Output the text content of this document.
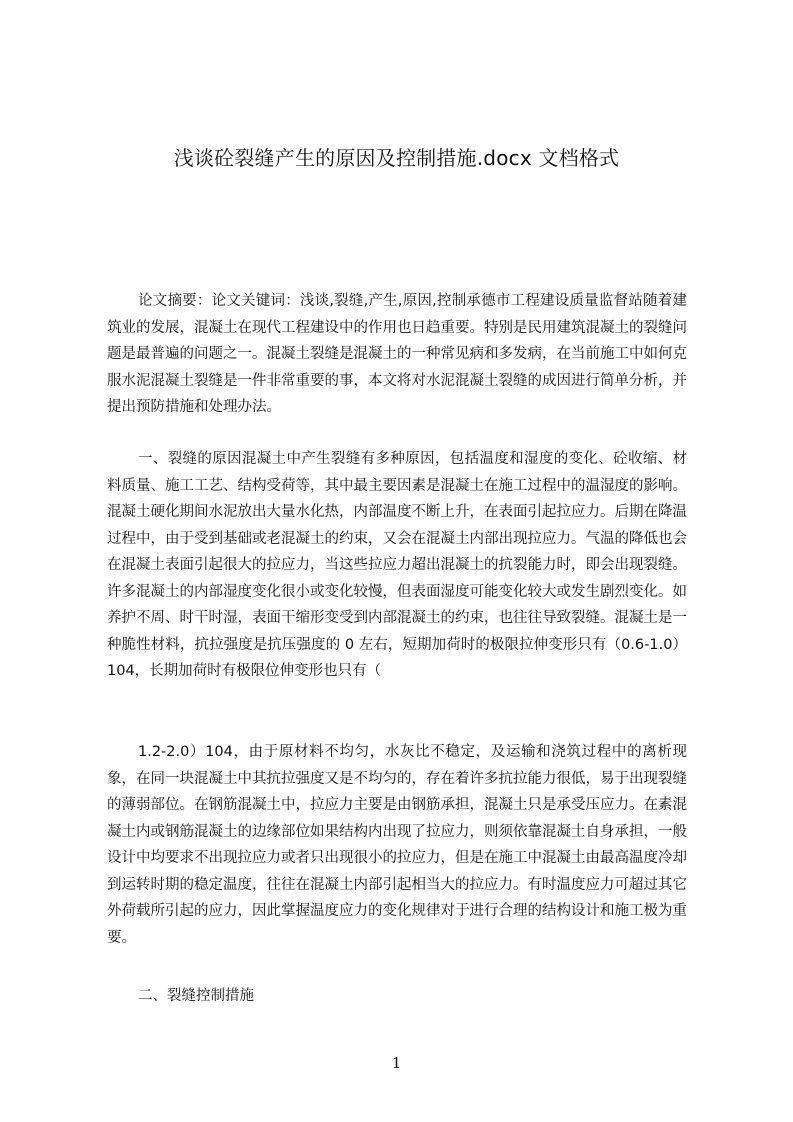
浅谈砼裂缝产生的原因及控制措施.docx 文档格式

论文摘要：论文关键词：浅谈,裂缝,产生,原因,控制承德市工程建设质量监督站随着建筑业的发展，混凝土在现代工程建设中的作用也日趋重要。特别是民用建筑混凝土的裂缝问题是最普遍的问题之一。混凝土裂缝是混凝土的一种常见病和多发病，在当前施工中如何克服水泥混凝土裂缝是一件非常重要的事，本文将对水泥混凝土裂缝的成因进行简单分析，并提出预防措施和处理办法。

一、裂缝的原因混凝土中产生裂缝有多种原因，包括温度和湿度的变化、砼收缩、材料质量、施工工艺、结构受荷等，其中最主要因素是混凝土在施工过程中的温湿度的影响。混凝土硬化期间水泥放出大量水化热，内部温度不断上升，在表面引起拉应力。后期在降温过程中，由于受到基础或老混凝土的约束，又会在混凝土内部出现拉应力。气温的降低也会在混凝土表面引起很大的拉应力，当这些拉应力超出混凝土的抗裂能力时，即会出现裂缝。许多混凝土的内部湿度变化很小或变化较慢，但表面湿度可能变化较大或发生剧烈变化。如养护不周、时干时湿，表面干缩形变受到内部混凝土的约束，也往往导致裂缝。混凝土是一种脆性材料，抗拉强度是抗压强度的 0 左右，短期加荷时的极限拉伸变形只有（0.6-1.0）104，长期加荷时有极限位伸变形也只有（

1.2-2.0）104，由于原材料不均匀，水灰比不稳定，及运输和浇筑过程中的离析现象，在同一块混凝土中其抗拉强度又是不均匀的，存在着许多抗拉能力很低，易于出现裂缝的薄弱部位。在钢筋混凝土中，拉应力主要是由钢筋承担，混凝土只是承受压应力。在素混凝土内或钢筋混凝土的边缘部位如果结构内出现了拉应力，则须依靠混凝土自身承担，一般设计中均要求不出现拉应力或者只出现很小的拉应力，但是在施工中混凝土由最高温度冷却到运转时期的稳定温度，往往在混凝土内部引起相当大的拉应力。有时温度应力可超过其它外荷载所引起的应力，因此掌握温度应力的变化规律对于进行合理的结构设计和施工极为重要。

二、裂缝控制措施

1
